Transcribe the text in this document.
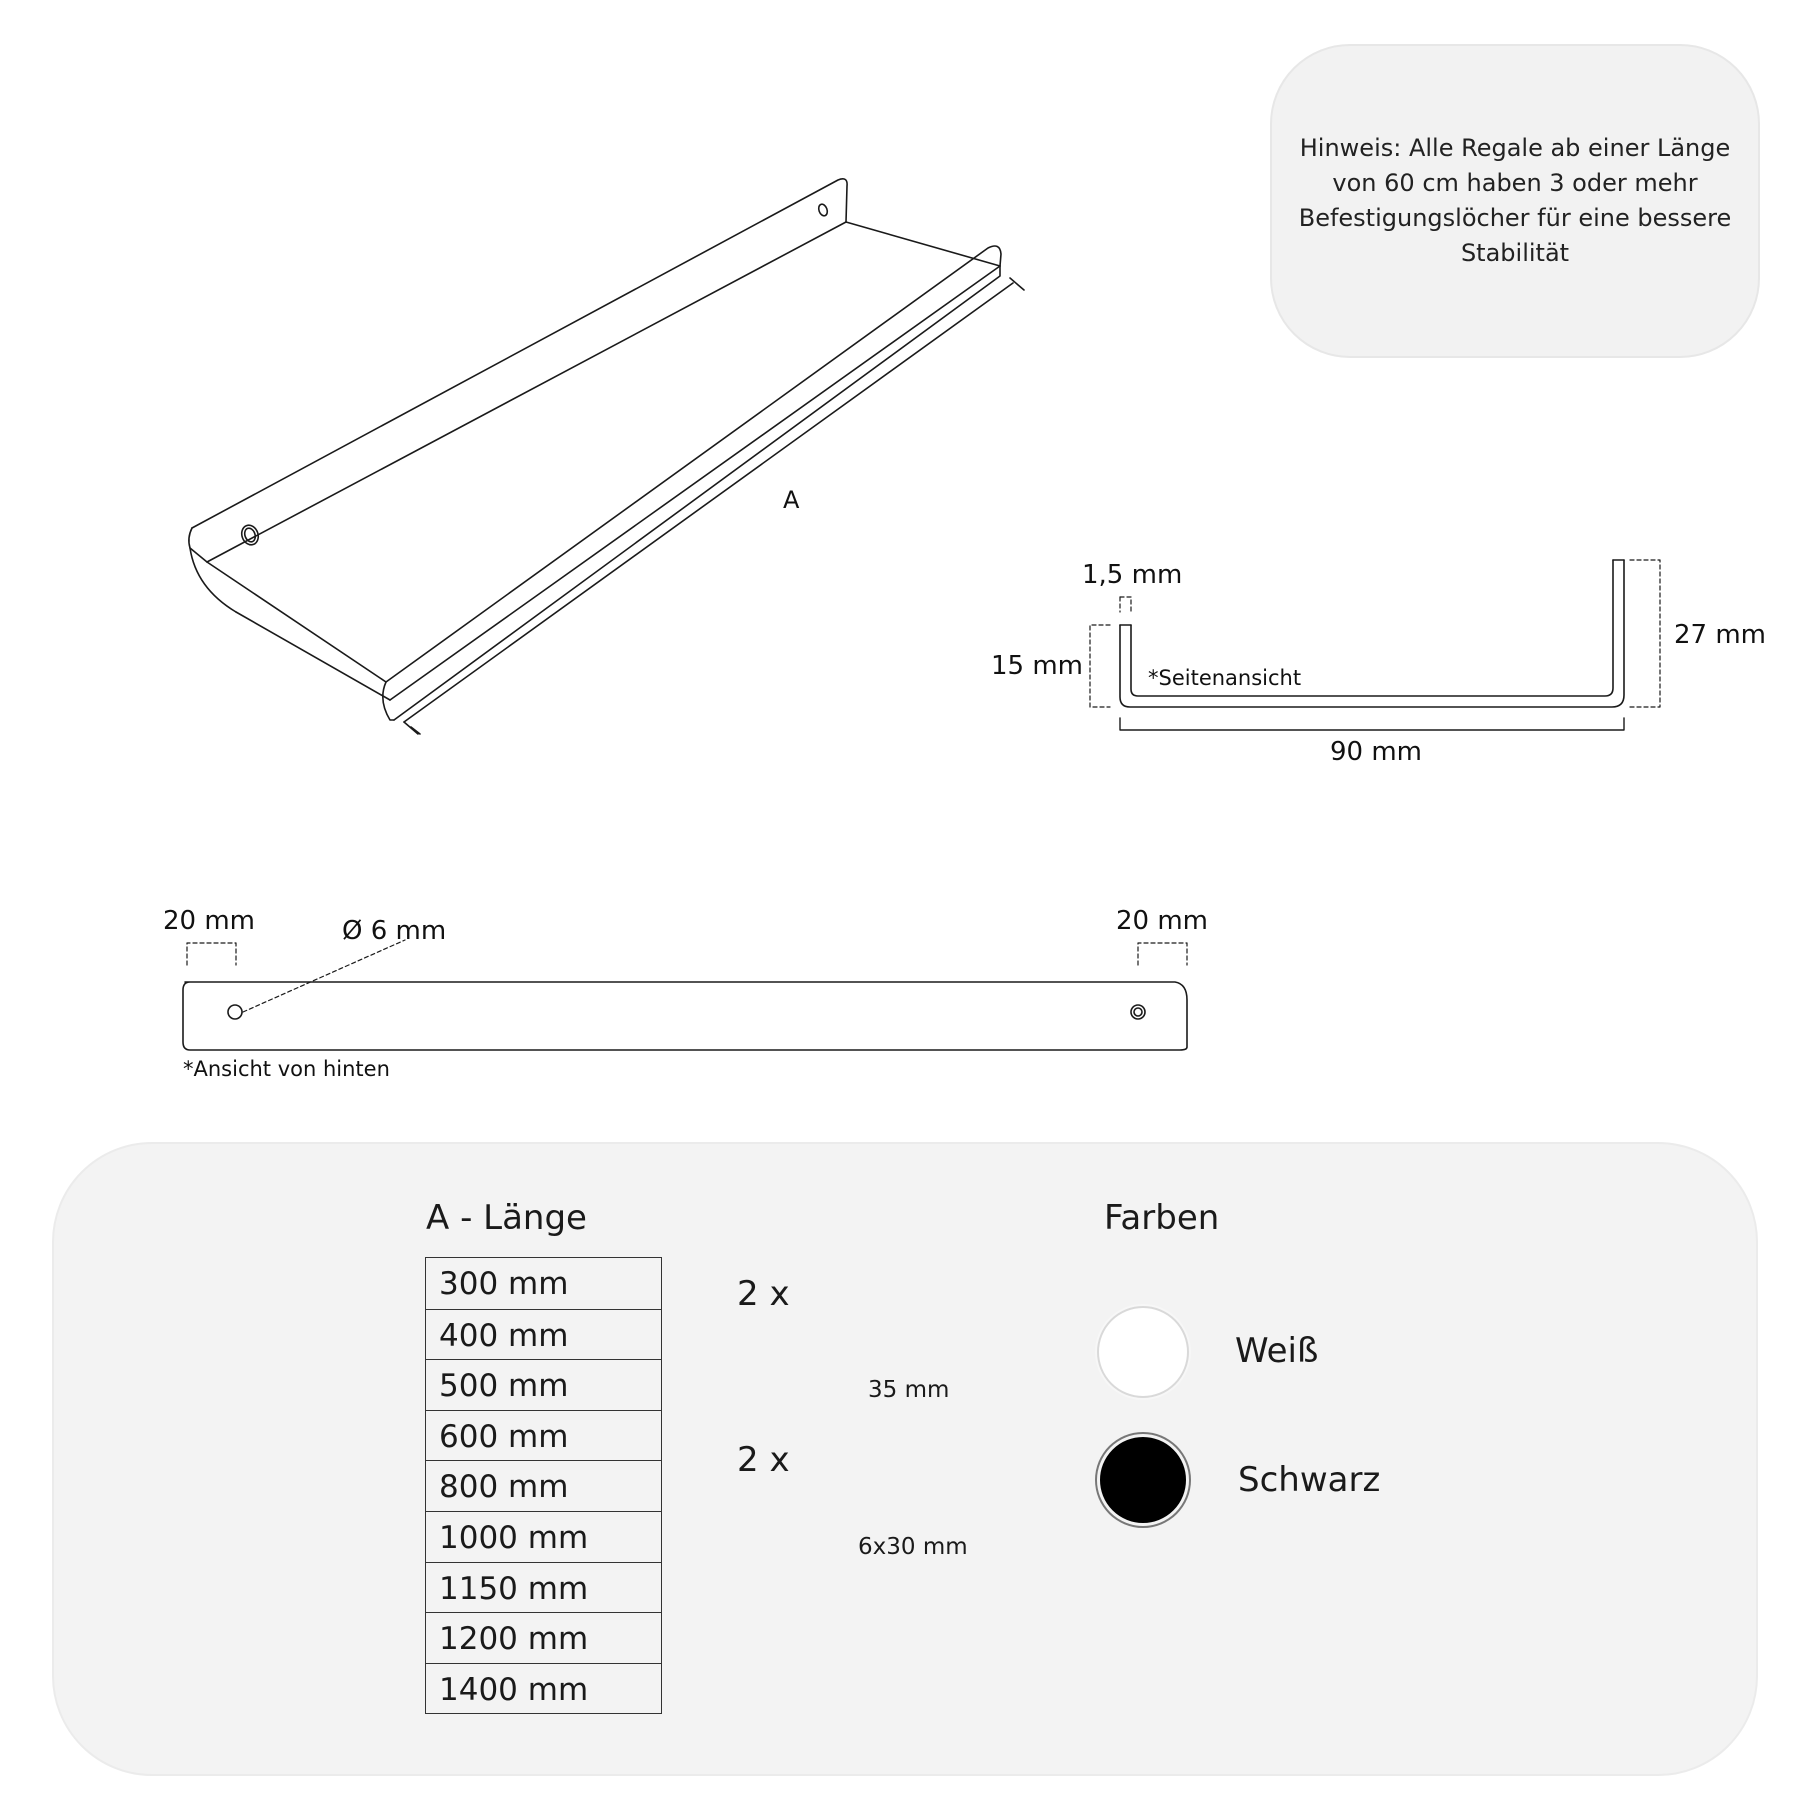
A
1,5 mm
15 mm
27 mm
*Seitenansicht
90 mm
20 mm	Ø 6 mm	20 mm
*Ansicht von hinten
Hinweis: Alle Regale ab einer Länge von 60 cm haben 3 oder mehr Befestigungslöcher für eine bessere Stabilität
A - Länge
300 mm
400 mm
500 mm
600 mm
800 mm
1000 mm
1150 mm
1200 mm
1400 mm
2 x
35 mm
2 x
6x30 mm
Farben
Weiß
Schwarz
